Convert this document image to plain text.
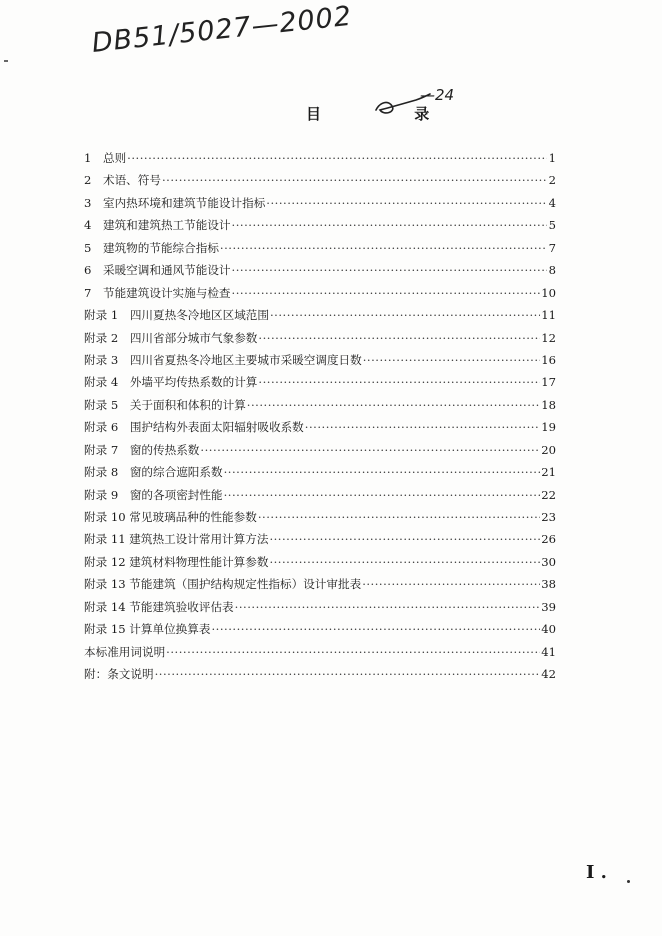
DB51/5027—2002
目 录
—24
1　总则 ·····	1
2　术语、符号 ·····	2
3　室内热环境和建筑节能设计指标 ·····	4
4　建筑和建筑热工节能设计 ·····	5
5　建筑物的节能综合指标 ·····	7
6　采暖空调和通风节能设计 ·····	8
7　节能建筑设计实施与检查 ·····	10
附录 1　四川夏热冬冷地区区域范围 ·····	11
附录 2　四川省部分城市气象参数 ·····	12
附录 3　四川省夏热冬冷地区主要城市采暖空调度日数 ·····	16
附录 4　外墙平均传热系数的计算 ·····	17
附录 5　关于面积和体积的计算 ·····	18
附录 6　围护结构外表面太阳辐射吸收系数 ·····	19
附录 7　窗的传热系数 ·····	20
附录 8　窗的综合遮阳系数 ·····	21
附录 9　窗的各项密封性能 ·····	22
附录 10 常见玻璃品种的性能参数 ·····	23
附录 11 建筑热工设计常用计算方法 ·····	26
附录 12 建筑材料物理性能计算参数 ·····	30
附录 13 节能建筑（围护结构规定性指标）设计审批表 ·····	38
附录 14 节能建筑验收评估表 ·····	39
附录 15 计算单位换算表 ·····	40
本标准用词说明 ·····	41
附：条文说明 ·····	42
I .
